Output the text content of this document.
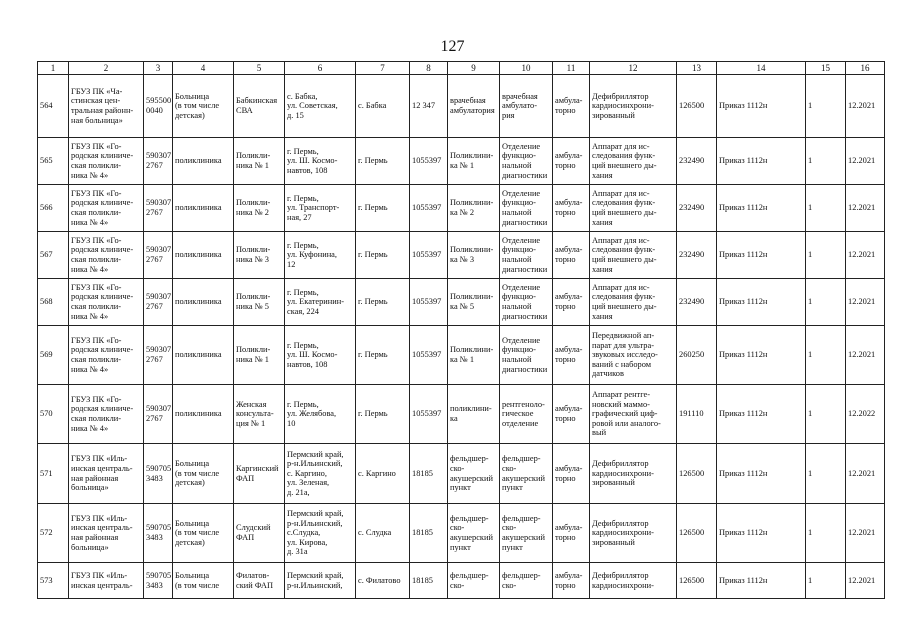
127
1	2	3	4	5	6	7	8	9	10	11	12	13	14	15	16

564	ГБУЗ ПК «Ча-
стинская цен-
тральная районн-
ная больница»	595500
0040	Больница
(в том числе
детская)	Бабкинская
СВА	с. Бабка,
ул. Советская,
д. 15	с. Бабка	12 347	врачебная
амбулатория	врачебная
амбулато-
рия	амбула-
торно	Дефибриллятор
кардиосинхрони-
зированный	126500	Приказ 1112н	1	12.2021

565	ГБУЗ ПК «Го-
родская клиниче-
ская поликли-
ника № 4»	590307
2767	поликлиника	Поликли-
ника № 1	г. Пермь,
ул. Ш. Космо-
навтов, 108	г. Пермь	1055397	Поликлини-
ка № 1	Отделение
функцио-
нальной
диагностики	амбула-
торно	Аппарат для ис-
следования функ-
ций внешнего ды-
хания	232490	Приказ 1112н	1	12.2021

566	ГБУЗ ПК «Го-
родская клиниче-
ская поликли-
ника № 4»	590307
2767	поликлиника	Поликли-
ника № 2	г. Пермь,
ул. Транспорт-
ная, 27	г. Пермь	1055397	Поликлини-
ка № 2	Отделение
функцио-
нальной
диагностики	амбула-
торно	Аппарат для ис-
следования функ-
ций внешнего ды-
хания	232490	Приказ 1112н	1	12.2021

567	ГБУЗ ПК «Го-
родская клиниче-
ская поликли-
ника № 4»	590307
2767	поликлиника	Поликли-
ника № 3	г. Пермь,
ул. Куфонина,
12	г. Пермь	1055397	Поликлини-
ка № 3	Отделение
функцио-
нальной
диагностики	амбула-
торно	Аппарат для ис-
следования функ-
ций внешнего ды-
хания	232490	Приказ 1112н	1	12.2021

568	ГБУЗ ПК «Го-
родская клиниче-
ская поликли-
ника № 4»	590307
2767	поликлиника	Поликли-
ника № 5	г. Пермь,
ул. Екатеринин-
ская, 224	г. Пермь	1055397	Поликлини-
ка № 5	Отделение
функцио-
нальной
диагностики	амбула-
торно	Аппарат для ис-
следования функ-
ций внешнего ды-
хания	232490	Приказ 1112н	1	12.2021

569	ГБУЗ ПК «Го-
родская клиниче-
ская поликли-
ника № 4»	590307
2767	поликлиника	Поликли-
ника № 1	г. Пермь,
ул. Ш. Космо-
навтов, 108	г. Пермь	1055397	Поликлини-
ка № 1	Отделение
функцио-
нальной
диагностики	амбула-
торно	Передвижной ап-
парат для ультра-
звуковых исследо-
ваний с набором
датчиков	260250	Приказ 1112н	1	12.2021

570	ГБУЗ ПК «Го-
родская клиниче-
ская поликли-
ника № 4»	590307
2767	поликлиника	Женская
консульта-
ция № 1	г. Пермь,
ул. Желябова,
10	г. Пермь	1055397	поликлини-
ка	рентгеноло-
гическое
отделение	амбула-
торно	Аппарат рентге-
новский маммо-
графический циф-
ровой или аналого-
вый	191110	Приказ 1112н	1	12.2022

571	ГБУЗ ПК «Иль-
инская централь-
ная районная
больница»	590705
3483	Больница
(в том числе
детская)	Каргинский
ФАП	Пермский край,
р-н.Ильинский,
с. Каргино,
ул. Зеленая,
д. 21а,	с. Каргино	18185	фельдшер-
ско-
акушерский
пункт	фельдшер-
ско-
акушерский
пункт	амбула-
торно	Дефибриллятор
кардиосинхрони-
зированный	126500	Приказ 1112н	1	12.2021

572	ГБУЗ ПК «Иль-
инская централь-
ная районная
больница»	590705
3483	Больница
(в том числе
детская)	Слудский
ФАП	Пермский край,
р-н.Ильинский,
с.Слудка,
ул. Кирова,
д. 31а	с. Слудка	18185	фельдшер-
ско-
акушерский
пункт	фельдшер-
ско-
акушерский
пункт	амбула-
торно	Дефибриллятор
кардиосинхрони-
зированный	126500	Приказ 1112н	1	12.2021

573	ГБУЗ ПК «Иль-
инская централь-	590705
3483	Больница
(в том числе	Филатов-
ский ФАП	Пермский край,
р-н.Ильинский,	с. Филатово	18185	фельдшер-
ско-	фельдшер-
ско-	амбула-
торно	Дефибриллятор
кардиосинхрони-	126500	Приказ 1112н	1	12.2021
